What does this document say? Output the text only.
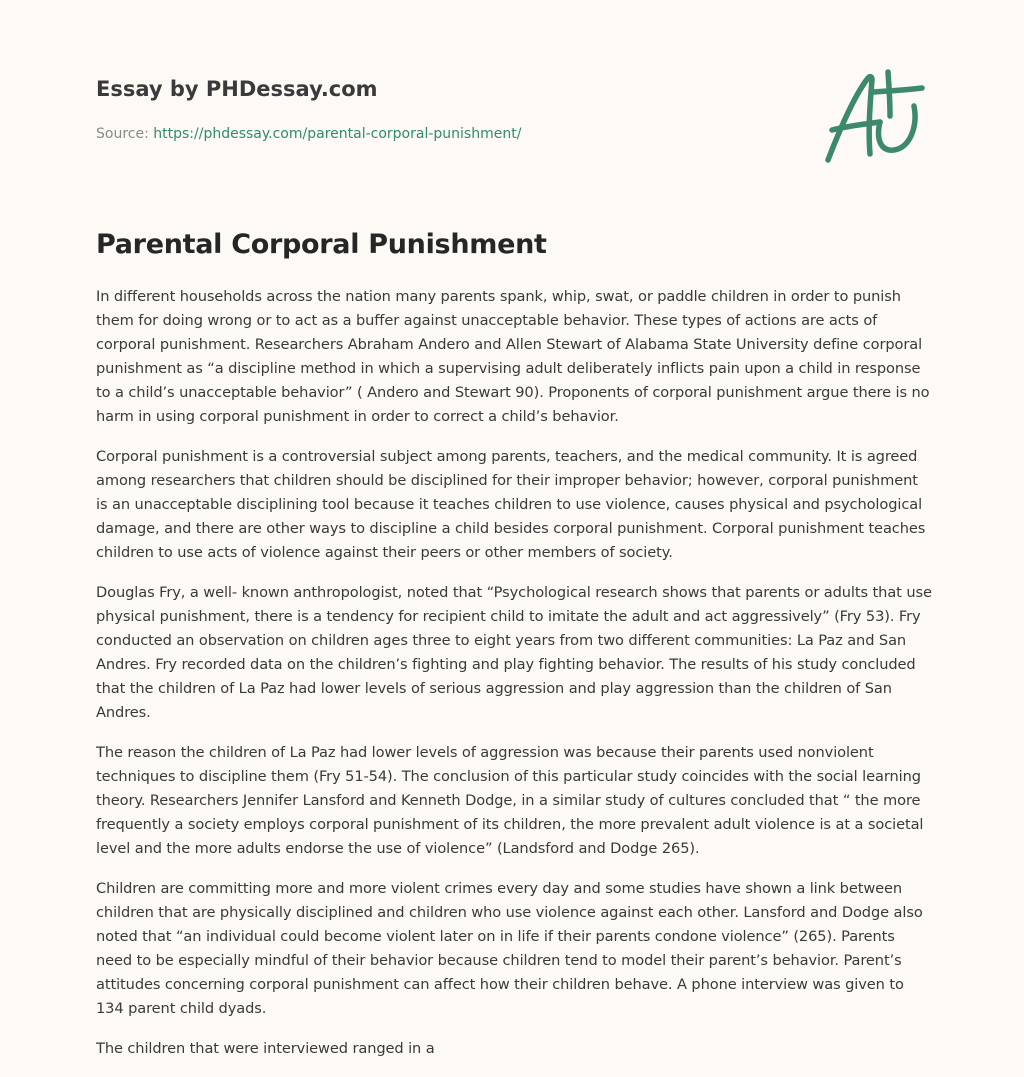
Essay by PHDessay.com
Source: https://phdessay.com/parental-corporal-punishment/
Parental Corporal Punishment

In different households across the nation many parents spank, whip, swat, or paddle children in order to punish them for doing wrong or to act as a buffer against unacceptable behavior. These types of actions are acts of corporal punishment. Researchers Abraham Andero and Allen Stewart of Alabama State University define corporal punishment as “a discipline method in which a supervising adult deliberately inflicts pain upon a child in response to a child’s unacceptable behavior” ( Andero and Stewart 90). Proponents of corporal punishment argue there is no harm in using corporal punishment in order to correct a child’s behavior.

Corporal punishment is a controversial subject among parents, teachers, and the medical community. It is agreed among researchers that children should be disciplined for their improper behavior; however, corporal punishment is an unacceptable disciplining tool because it teaches children to use violence, causes physical and psychological damage, and there are other ways to discipline a child besides corporal punishment. Corporal punishment teaches children to use acts of violence against their peers or other members of society.

Douglas Fry, a well- known anthropologist, noted that “Psychological research shows that parents or adults that use physical punishment, there is a tendency for recipient child to imitate the adult and act aggressively” (Fry 53). Fry conducted an observation on children ages three to eight years from two different communities: La Paz and San Andres. Fry recorded data on the children’s fighting and play fighting behavior. The results of his study concluded that the children of La Paz had lower levels of serious aggression and play aggression than the children of San Andres.

The reason the children of La Paz had lower levels of aggression was because their parents used nonviolent techniques to discipline them (Fry 51-54). The conclusion of this particular study coincides with the social learning theory. Researchers Jennifer Lansford and Kenneth Dodge, in a similar study of cultures concluded that “ the more frequently a society employs corporal punishment of its children, the more prevalent adult violence is at a societal level and the more adults endorse the use of violence” (Landsford and Dodge 265).

Children are committing more and more violent crimes every day and some studies have shown a link between children that are physically disciplined and children who use violence against each other. Lansford and Dodge also noted that “an individual could become violent later on in life if their parents condone violence” (265). Parents need to be especially mindful of their behavior because children tend to model their parent’s behavior. Parent’s attitudes concerning corporal punishment can affect how their children behave. A phone interview was given to 134 parent child dyads.

The children that were interviewed ranged in a
